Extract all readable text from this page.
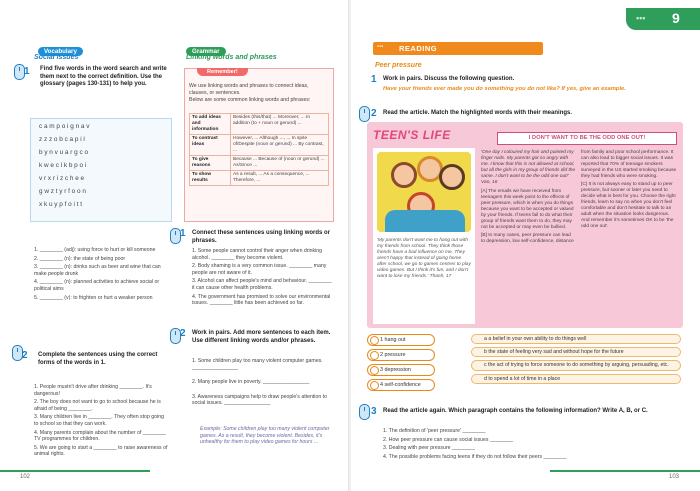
Vocabulary
Social issues
1 Find five words in the word search and write them next to the correct definition. Use the glossary (pages 130-131) to help you.
c a m p o i g n a v
z z z o b c a p i l
b y n v u a r g c o
k w e c l k b p o i
v r x r i z c h e e
g w z t y r f o o n
x k u y p f o i t t
1. ________ (adj): using force to hurt or kill someone
2. ________ (n): the state of being poor
3. ________ (n): drinks such as beer and wine that can make people drunk
4. ________ (n): planned activities to achieve social or political aims
5. ________ (v): to frighten or hurt a weaker person
2 Complete the sentences using the correct forms of the words in 1.
1. People mustn't drive after drinking ________. It's dangerous!
2. The boy does not want to go to school because he is afraid of being ________.
3. Many children live in ________. They often stop going to school so that they can work.
4. Many parents complain about the number of ________ TV programmes for children.
5. We are going to start a ________ to raise awareness of animal rights.
Grammar
Linking words and phrases
Remember!
We use linking words and phrases to connect ideas, clauses, or sentences.
Below are some common linking words and phrases:
To add ideas and information	Besides (this/that) ... Moreover, ... In addition (to + noun or gerund) ...
To contrast ideas	However, ... Although ..., ... In spite of/Despite (noun or gerund) ... By contrast, ...
To give reasons	Because ... Because of (noun or gerund) ... As/Since ...
To show results	As a result, ... As a consequence, ... Therefore, ...
1 Connect these sentences using linking words or phrases.
1. Some people cannot control their anger when drinking alcohol. ________ they become violent.
2. Body shaming is a very common issue. ________ many people are not aware of it.
3. Alcohol can affect people's mind and behaviour. ________ it can cause other health problems.
4. The government has promised to solve our environmental issues. ________ little has been achieved so far.
2 Work in pairs. Add more sentences to each item. Use different linking words and/or phrases.
1. Some children play too many violent computer games. ________________
2. Many people live in poverty. ________________
3. Awareness campaigns help to draw people's attention to social issues. ________________
Example: Some children play too many violent computer games. As a result, they become violent. Besides, it's unhealthy for them to play video games for hours ...
102
••• 9
••• READING
Peer pressure
1 Work in pairs. Discuss the following question.
Have your friends ever made you do something you do not like? If yes, give an example.
2 Read the article. Match the highlighted words with their meanings.
TEEN'S LIFE	I DON'T WANT TO BE THE ODD ONE OUT!
'My parents don't want me to hang out with my friends from school. They think those friends have a bad influence on me. They aren't happy that instead of going home after school, we go to games centres to play video games. But I think it's fun, and I don't want to lose my friends.' Thanh, 17
'One day I coloured my hair and painted my finger nails. My parents got so angry with me. I know that this is not allowed at school, but all the girls in my group of friends did the same. I don't want to be the odd one out!' Van, 16
[A] The emails we have received from teenagers this week point to the effects of peer pressure, which is when you do things because you want to be accepted or valued by your friends. If teens fail to do what their group of friends want them to do, they may not be accepted or may even be bullied.
[B] In many cases, peer pressure can lead to depression, low self-confidence, distance
from family and poor school performance. It can also lead to bigger social issues. It was reported that 70% of teenage smokers surveyed in the US started smoking because they had friends who were smoking.
[C] It is not always easy to stand up to peer pressure, but sooner or later you need to decide what is best for you. Choose the right friends, learn to say no when you don't feel comfortable and don't hesitate to talk to an adult when the situation looks dangerous. And remember it's sometimes OK to be 'the odd one out'.
1 hang out
2 pressure
3 depression
4 self-confidence
a a belief in your own ability to do things well
b the state of feeling very sad and without hope for the future
c the act of trying to force someone to do something by arguing, persuading, etc.
d to spend a lot of time in a place
3 Read the article again. Which paragraph contains the following information? Write A, B, or C.
1. The definition of 'peer pressure' ________
2. How peer pressure can cause social issues ________
3. Dealing with peer pressure ________
4. The possible problems facing teens if they do not follow their peers ________
103
